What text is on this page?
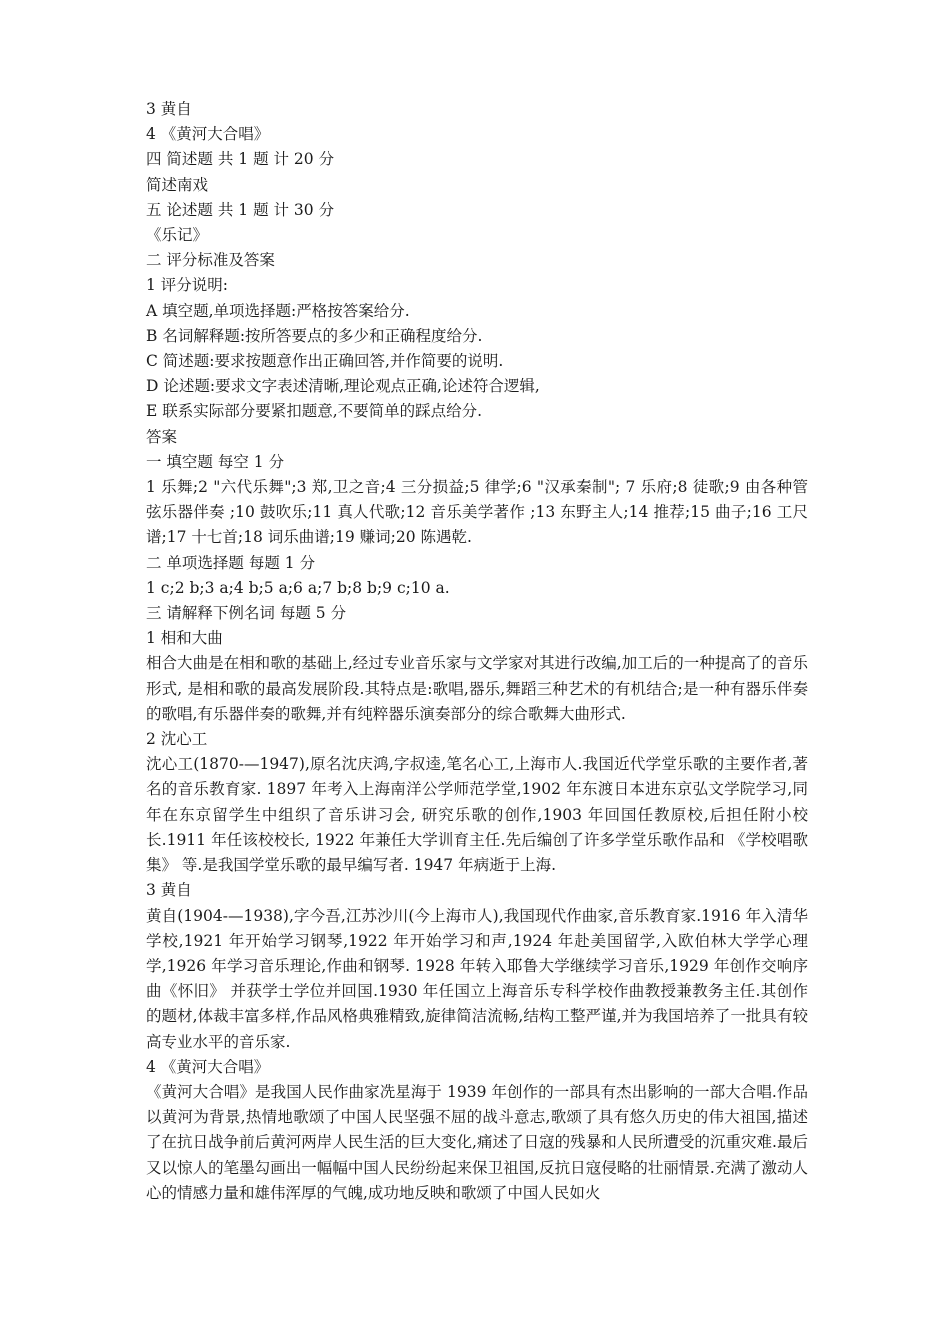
3 黄自
4 《黄河大合唱》
四 简述题 共 1 题 计 20 分
简述南戏
五 论述题 共 1 题 计 30 分
《乐记》
二 评分标准及答案
1 评分说明:
A 填空题,单项选择题:严格按答案给分.
B 名词解释题:按所答要点的多少和正确程度给分.
C 简述题:要求按题意作出正确回答,并作简要的说明.
D 论述题:要求文字表述清晰,理论观点正确,论述符合逻辑,
E 联系实际部分要紧扣题意,不要简单的踩点给分.
答案
一 填空题 每空 1 分

1 乐舞;2 "六代乐舞";3 郑,卫之音;4 三分损益;5 律学;6 "汉承秦制"; 7 乐府;8 徒歌;9 由各种管弦乐器伴奏 ;10 鼓吹乐;11 真人代歌;12 音乐美学著作 ;13 东野主人;14 推荐;15 曲子;16 工尺谱;17 十七首;18 词乐曲谱;19 赚词;20 陈遇乾.

二 单项选择题 每题 1 分
1 c;2 b;3 a;4 b;5 a;6 a;7 b;8 b;9 c;10 a.
三 请解释下例名词 每题 5 分
1 相和大曲

相合大曲是在相和歌的基础上,经过专业音乐家与文学家对其进行改编,加工后的一种提高了的音乐形式, 是相和歌的最高发展阶段.其特点是:歌唱,器乐,舞蹈三种艺术的有机结合;是一种有器乐伴奏的歌唱,有乐器伴奏的歌舞,并有纯粹器乐演奏部分的综合歌舞大曲形式.

2 沈心工

沈心工(1870-—1947),原名沈庆鸿,字叔逵,笔名心工,上海市人.我国近代学堂乐歌的主要作者,著名的音乐教育家. 1897 年考入上海南洋公学师范学堂,1902 年东渡日本进东京弘文学院学习,同年在东京留学生中组织了音乐讲习会, 研究乐歌的创作,1903 年回国任教原校,后担任附小校长.1911 年任该校校长, 1922 年兼任大学训育主任.先后编创了许多学堂乐歌作品和 《学校唱歌集》 等.是我国学堂乐歌的最早编写者. 1947 年病逝于上海.

3 黄自

黄自(1904-—1938),字今吾,江苏沙川(今上海市人),我国现代作曲家,音乐教育家.1916 年入清华学校,1921 年开始学习钢琴,1922 年开始学习和声,1924 年赴美国留学,入欧伯林大学学心理学,1926 年学习音乐理论,作曲和钢琴. 1928 年转入耶鲁大学继续学习音乐,1929 年创作交响序曲《怀旧》 并获学士学位并回国.1930 年任国立上海音乐专科学校作曲教授兼教务主任.其创作的题材,体裁丰富多样,作品风格典雅精致,旋律简洁流畅,结构工整严谨,并为我国培养了一批具有较高专业水平的音乐家.

4 《黄河大合唱》

《黄河大合唱》是我国人民作曲家冼星海于 1939 年创作的一部具有杰出影响的一部大合唱.作品以黄河为背景,热情地歌颂了中国人民坚强不屈的战斗意志,歌颂了具有悠久历史的伟大祖国,描述了在抗日战争前后黄河两岸人民生活的巨大变化,痛述了日寇的残暴和人民所遭受的沉重灾难.最后又以惊人的笔墨勾画出一幅幅中国人民纷纷起来保卫祖国,反抗日寇侵略的壮丽情景.充满了激动人心的情感力量和雄伟浑厚的气魄,成功地反映和歌颂了中国人民如火
